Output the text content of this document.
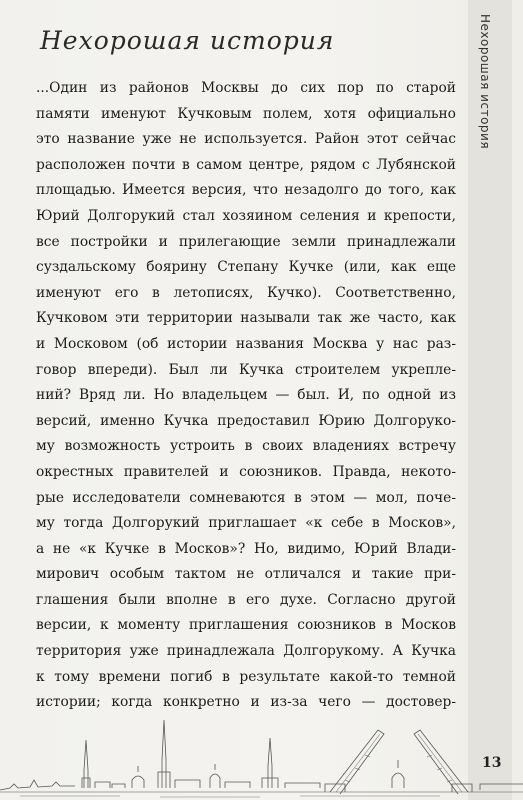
Нехорошая история
Нехорошая история
...Один из районов Москвы до сих пор по старой
памяти именуют Кучковым полем, хотя официально
это название уже не используется. Район этот сейчас
расположен почти в самом центре, рядом с Лубянской
площадью. Имеется версия, что незадолго до того, как
Юрий Долгорукий стал хозяином селения и крепости,
все постройки и прилегающие земли принадлежали
суздальскому боярину Степану Кучке (или, как еще
именуют его в летописях, Кучко). Соответственно,
Кучковом эти территории называли так же часто, как
и Московом (об истории названия Москва у нас раз-
говор впереди). Был ли Кучка строителем укрепле-
ний? Вряд ли. Но владельцем — был. И, по одной из
версий, именно Кучка предоставил Юрию Долгоруко-
му возможность устроить в своих владениях встречу
окрестных правителей и союзников. Правда, некото-
рые исследователи сомневаются в этом — мол, поче-
му тогда Долгорукий приглашает «к себе в Москов»,
а не «к Кучке в Москов»? Но, видимо, Юрий Влади-
мирович особым тактом не отличался и такие при-
глашения были вполне в его духе. Согласно другой
версии, к моменту приглашения союзников в Москов
территория уже принадлежала Долгорукому. А Кучка
к тому времени погиб в результате какой-то темной
истории; когда конкретно и из-за чего — достовер-
13
